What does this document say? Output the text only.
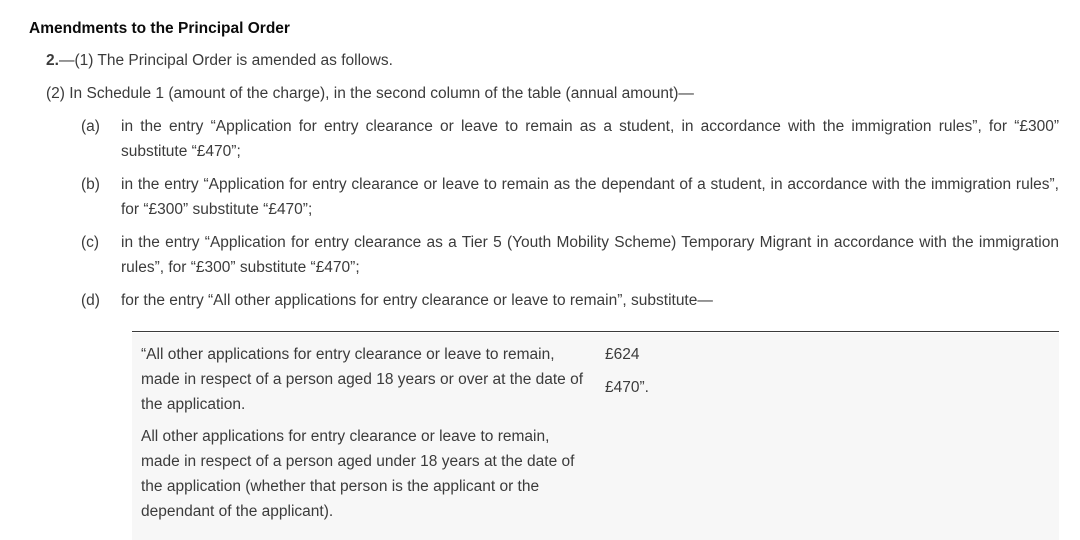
Amendments to the Principal Order
2.—(1) The Principal Order is amended as follows.
(2) In Schedule 1 (amount of the charge), in the second column of the table (annual amount)—
(a) in the entry “Application for entry clearance or leave to remain as a student, in accordance with the immigration rules”, for “£300” substitute “£470”;
(b) in the entry “Application for entry clearance or leave to remain as the dependant of a student, in accordance with the immigration rules”, for “£300” substitute “£470”;
(c) in the entry “Application for entry clearance as a Tier 5 (Youth Mobility Scheme) Temporary Migrant in accordance with the immigration rules”, for “£300” substitute “£470”;
(d) for the entry “All other applications for entry clearance or leave to remain”, substitute—
“All other applications for entry clearance or leave to remain, made in respect of a person aged 18 years or over at the date of the application.
£624
All other applications for entry clearance or leave to remain, made in respect of a person aged under 18 years at the date of the application (whether that person is the applicant or the dependant of the applicant).
£470”.
